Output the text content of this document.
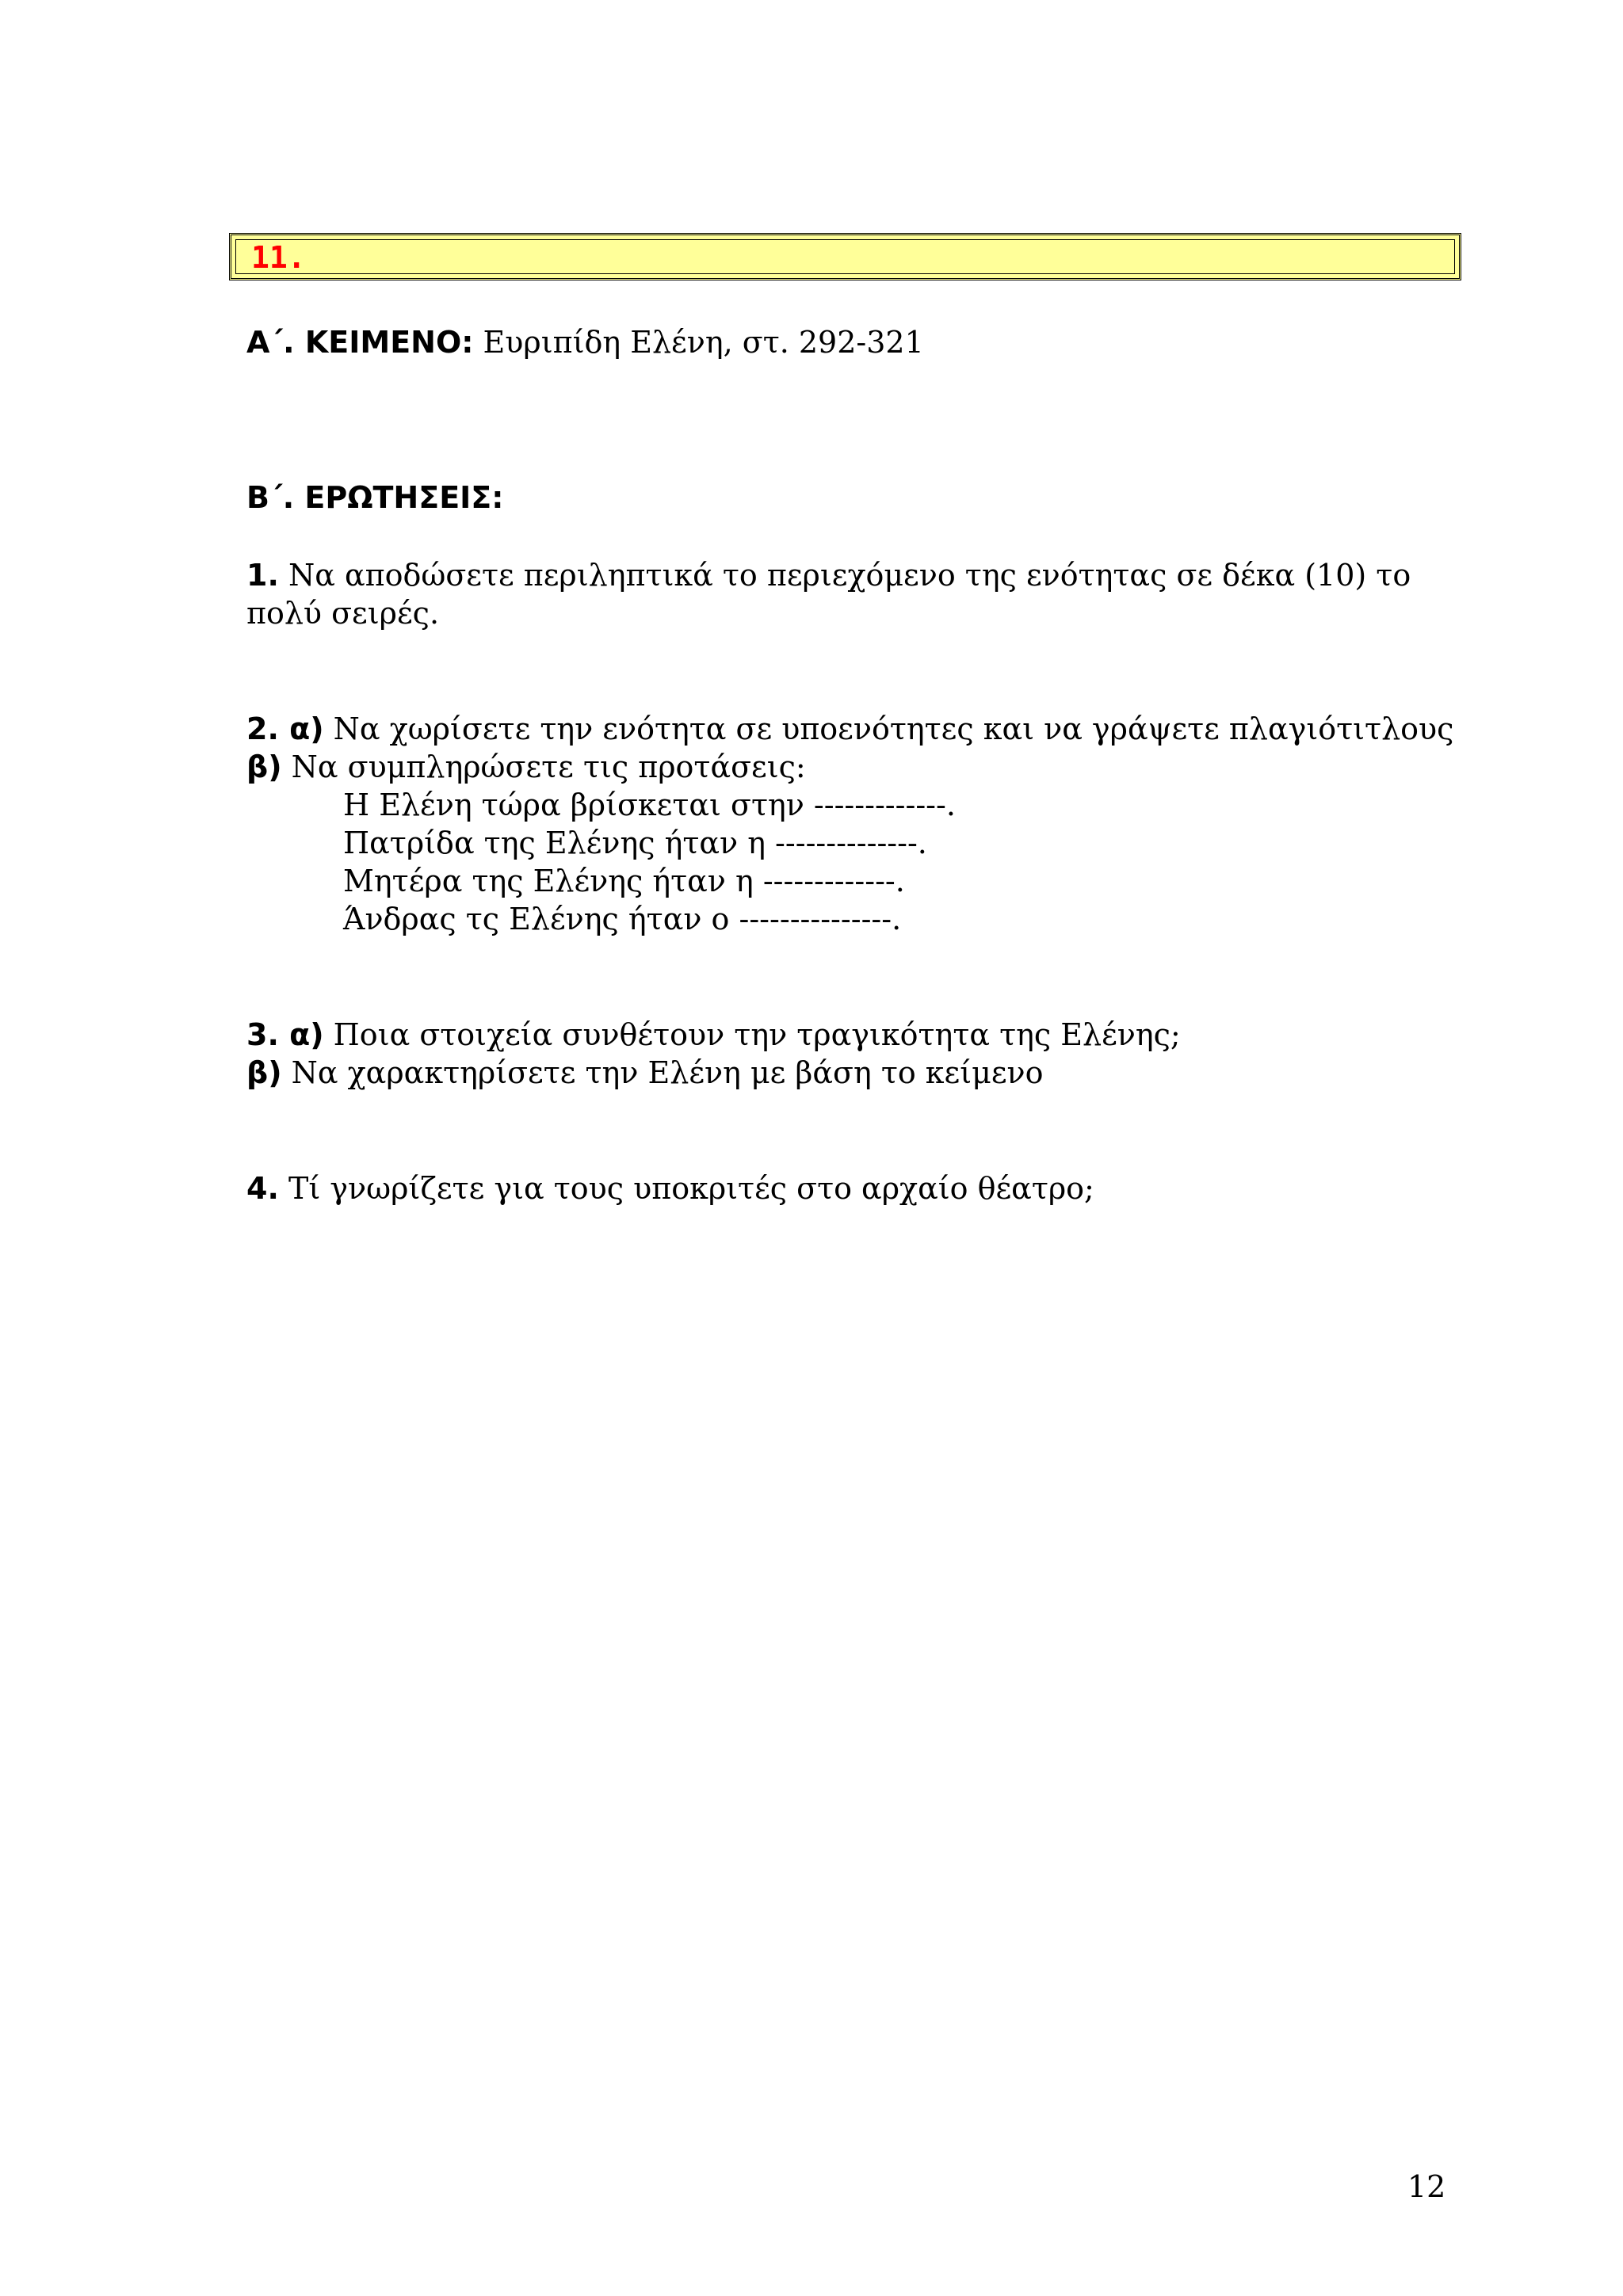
11.
Α΄. ΚΕΙΜΕΝΟ: Ευριπίδη Ελένη, στ. 292-321
Β΄. ΕΡΩΤΗΣΕΙΣ:
1. Να αποδώσετε περιληπτικά το περιεχόμενο της ενότητας σε δέκα (10) το
πολύ σειρές.
2. α) Να χωρίσετε την ενότητα σε υποενότητες και να γράψετε πλαγιότιτλους
β) Να συμπληρώσετε τις προτάσεις:
Η Ελένη τώρα βρίσκεται στην -------------.
Πατρίδα της Ελένης ήταν η --------------.
Μητέρα της Ελένης ήταν η -------------.
Άνδρας τς Ελένης ήταν ο ---------------.
3. α) Ποια στοιχεία συνθέτουν την τραγικότητα της Ελένης;
β) Να χαρακτηρίσετε την Ελένη με βάση το κείμενο
4. Τί γνωρίζετε για τους υποκριτές στο αρχαίο θέατρο;
12
